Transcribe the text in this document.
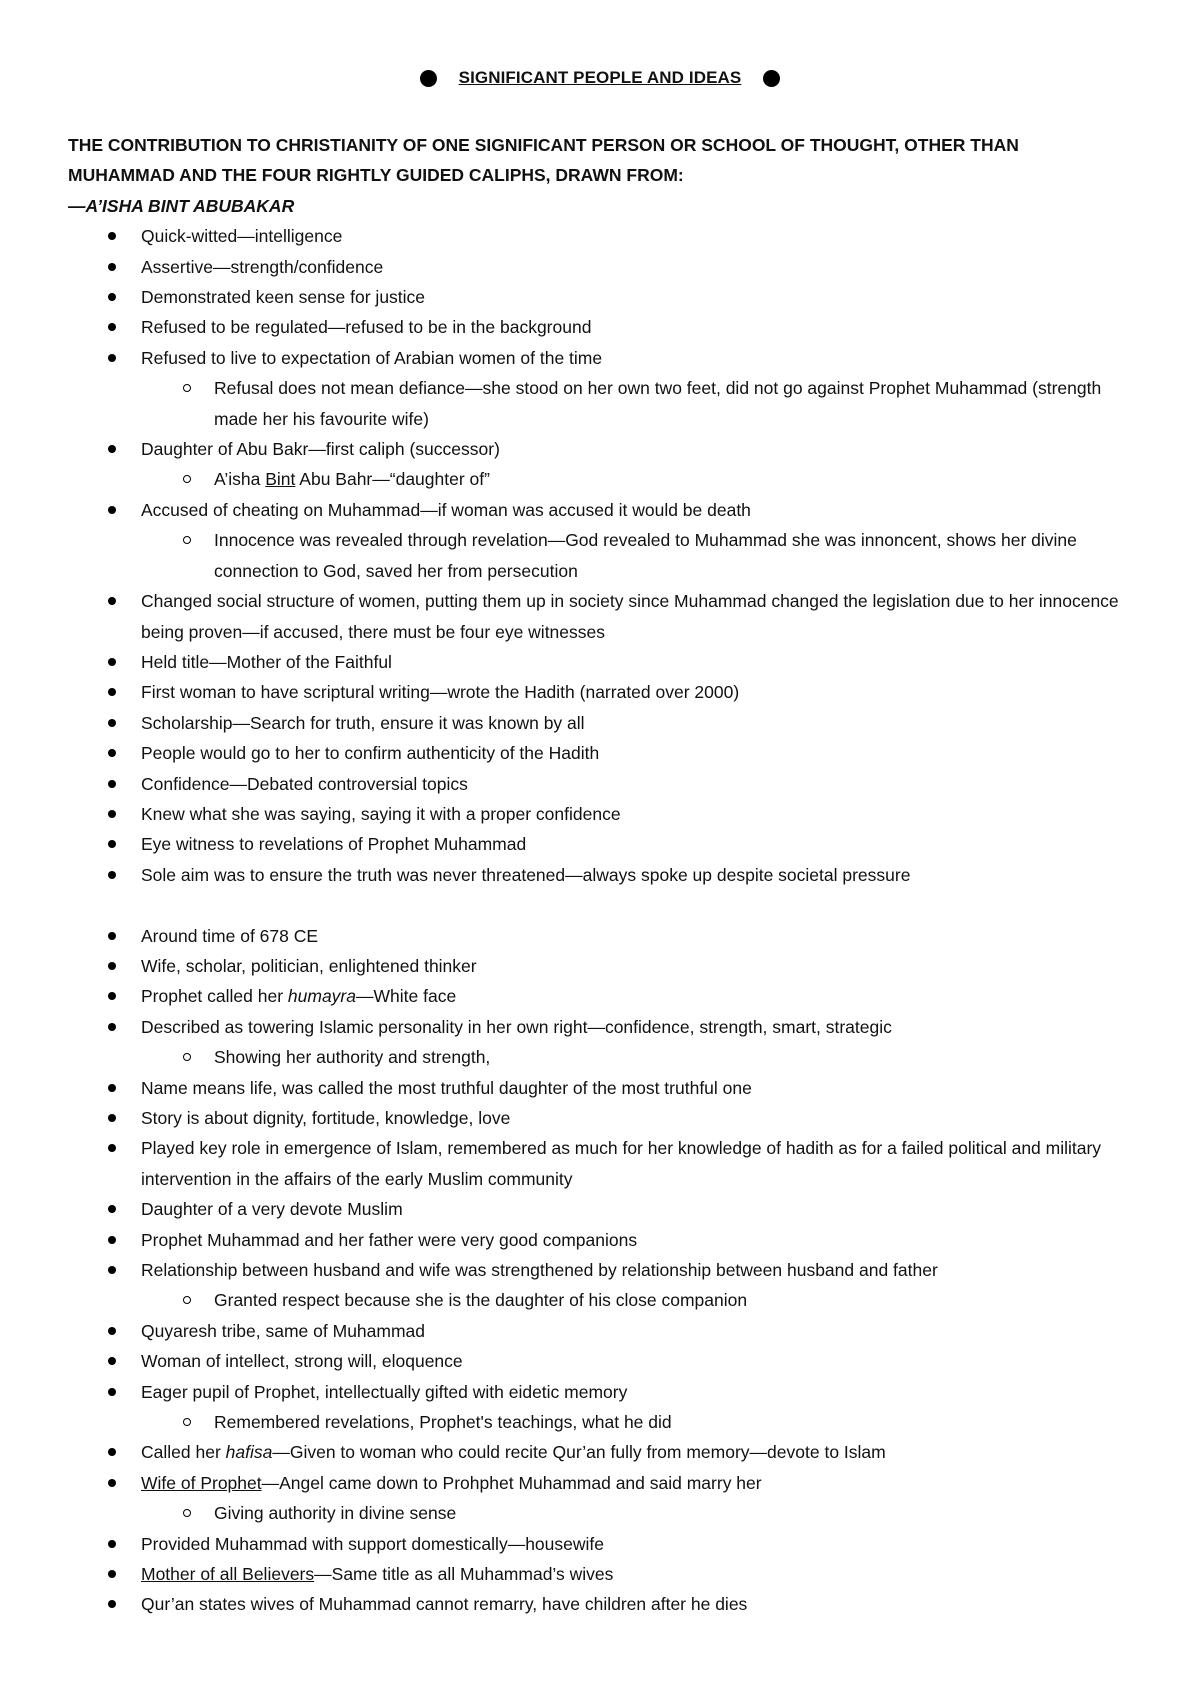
SIGNIFICANT PEOPLE AND IDEAS

THE CONTRIBUTION TO CHRISTIANITY OF ONE SIGNIFICANT PERSON OR SCHOOL OF THOUGHT, OTHER THAN

MUHAMMAD AND THE FOUR RIGHTLY GUIDED CALIPHS, DRAWN FROM:

—A’ISHA BINT ABUBAKAR

Quick-witted—intelligence
Assertive—strength/confidence
Demonstrated keen sense for justice
Refused to be regulated—refused to be in the background
Refused to live to expectation of Arabian women of the time
Refusal does not mean defiance—she stood on her own two feet, did not go against Prophet Muhammad (strength made her his favourite wife)
Daughter of Abu Bakr—first caliph (successor)
A’isha Bint Abu Bahr—“daughter of”
Accused of cheating on Muhammad—if woman was accused it would be death
Innocence was revealed through revelation—God revealed to Muhammad she was innoncent, shows her divine connection to God, saved her from persecution
Changed social structure of women, putting them up in society since Muhammad changed the legislation due to her innocence being proven—if accused, there must be four eye witnesses
Held title—Mother of the Faithful
First woman to have scriptural writing—wrote the Hadith (narrated over 2000)
Scholarship—Search for truth, ensure it was known by all
People would go to her to confirm authenticity of the Hadith
Confidence—Debated controversial topics
Knew what she was saying, saying it with a proper confidence
Eye witness to revelations of Prophet Muhammad
Sole aim was to ensure the truth was never threatened—always spoke up despite societal pressure
Around time of 678 CE
Wife, scholar, politician, enlightened thinker
Prophet called her humayra—White face
Described as towering Islamic personality in her own right—confidence, strength, smart, strategic
Showing her authority and strength,
Name means life, was called the most truthful daughter of the most truthful one
Story is about dignity, fortitude, knowledge, love
Played key role in emergence of Islam, remembered as much for her knowledge of hadith as for a failed political and military intervention in the affairs of the early Muslim community
Daughter of a very devote Muslim
Prophet Muhammad and her father were very good companions
Relationship between husband and wife was strengthened by relationship between husband and father
Granted respect because she is the daughter of his close companion
Quyaresh tribe, same of Muhammad
Woman of intellect, strong will, eloquence
Eager pupil of Prophet, intellectually gifted with eidetic memory
Remembered revelations, Prophet's teachings, what he did
Called her hafisa—Given to woman who could recite Qur’an fully from memory—devote to Islam
Wife of Prophet—Angel came down to Prohphet Muhammad and said marry her
Giving authority in divine sense
Provided Muhammad with support domestically—housewife
Mother of all Believers—Same title as all Muhammad’s wives
Qur’an states wives of Muhammad cannot remarry, have children after he dies
